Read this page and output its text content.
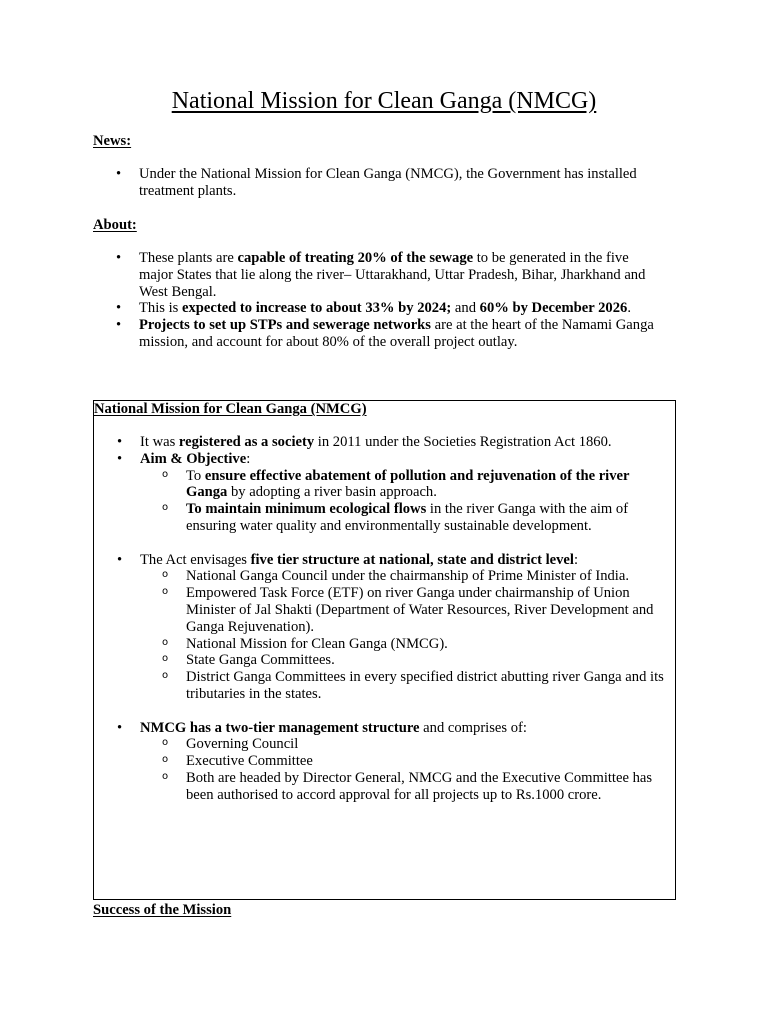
National Mission for Clean Ganga (NMCG)
News:
• Under the National Mission for Clean Ganga (NMCG), the Government has installed treatment plants.
About:
• These plants are capable of treating 20% of the sewage to be generated in the five major States that lie along the river– Uttarakhand, Uttar Pradesh, Bihar, Jharkhand and West Bengal.
• This is expected to increase to about 33% by 2024; and 60% by December 2026.
• Projects to set up STPs and sewerage networks are at the heart of the Namami Ganga mission, and account for about 80% of the overall project outlay.
National Mission for Clean Ganga (NMCG)
• It was registered as a society in 2011 under the Societies Registration Act 1860.
• Aim & Objective:
o To ensure effective abatement of pollution and rejuvenation of the river Ganga by adopting a river basin approach.
o To maintain minimum ecological flows in the river Ganga with the aim of ensuring water quality and environmentally sustainable development.
• The Act envisages five tier structure at national, state and district level:
o National Ganga Council under the chairmanship of Prime Minister of India.
o Empowered Task Force (ETF) on river Ganga under chairmanship of Union Minister of Jal Shakti (Department of Water Resources, River Development and Ganga Rejuvenation).
o National Mission for Clean Ganga (NMCG).
o State Ganga Committees.
o District Ganga Committees in every specified district abutting river Ganga and its tributaries in the states.
• NMCG has a two-tier management structure and comprises of:
o Governing Council
o Executive Committee
o Both are headed by Director General, NMCG and the Executive Committee has been authorised to accord approval for all projects up to Rs.1000 crore.
Success of the Mission
